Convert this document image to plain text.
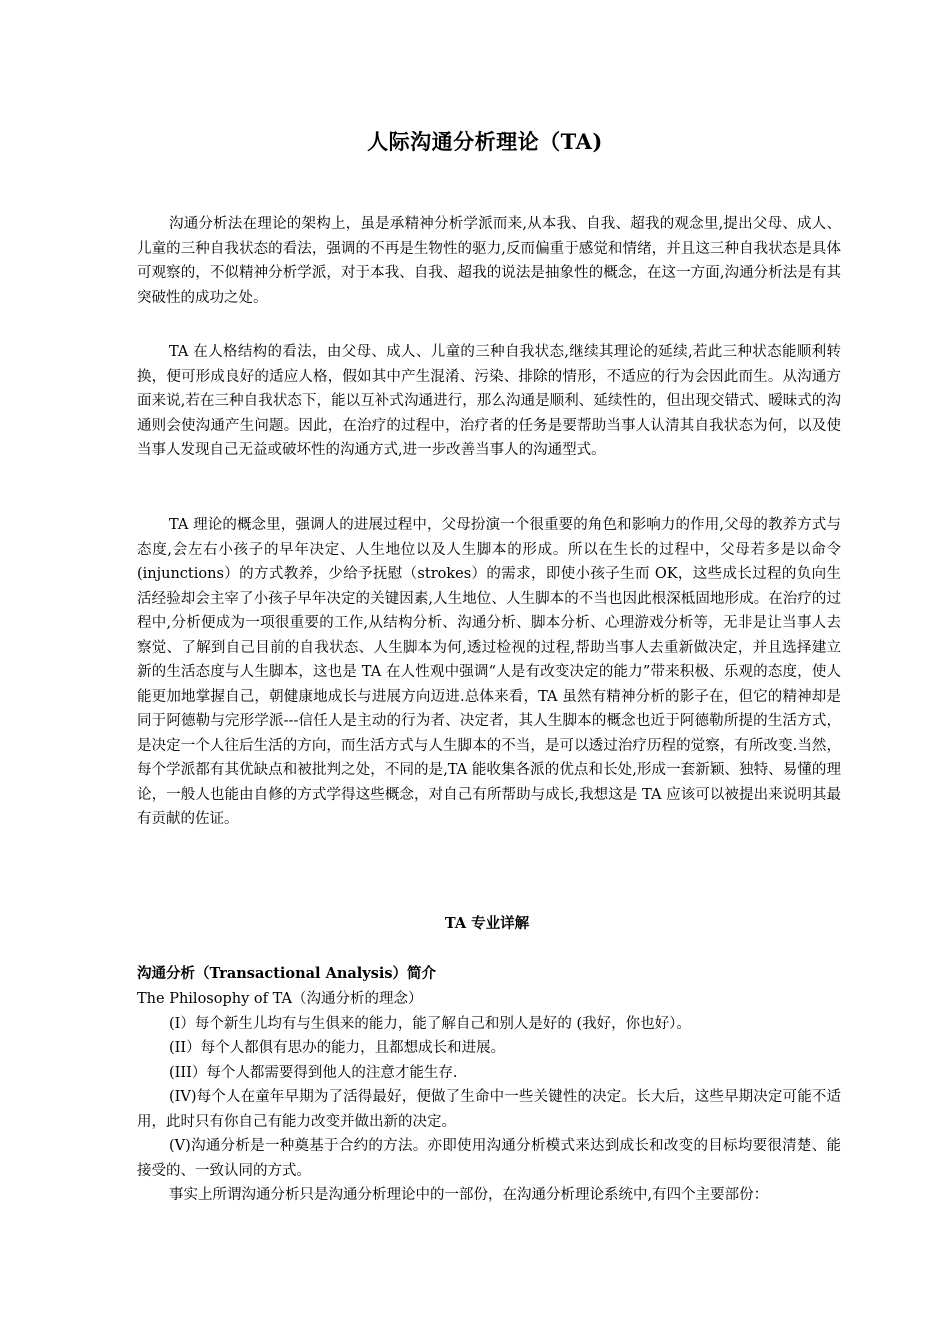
人际沟通分析理论（TA)

沟通分析法在理论的架构上，虽是承精神分析学派而来,从本我、自我、超我的观念里,提出父母、成人、儿童的三种自我状态的看法，强调的不再是生物性的驱力,反而偏重于感觉和情绪，并且这三种自我状态是具体可观察的，不似精神分析学派，对于本我、自我、超我的说法是抽象性的概念，在这一方面,沟通分析法是有其突破性的成功之处。

TA 在人格结构的看法，由父母、成人、儿童的三种自我状态,继续其理论的延续,若此三种状态能顺利转换，便可形成良好的适应人格，假如其中产生混淆、污染、排除的情形，不适应的行为会因此而生。从沟通方面来说,若在三种自我状态下，能以互补式沟通进行，那么沟通是顺利、延续性的，但出现交错式、暧昧式的沟通则会使沟通产生问题。因此，在治疗的过程中，治疗者的任务是要帮助当事人认清其自我状态为何，以及使当事人发现自己无益或破坏性的沟通方式,进一步改善当事人的沟通型式。

TA 理论的概念里，强调人的进展过程中，父母扮演一个很重要的角色和影响力的作用,父母的教养方式与态度,会左右小孩子的早年决定、人生地位以及人生脚本的形成。所以在生长的过程中，父母若多是以命令(injunctions）的方式教养，少给予抚慰（strokes）的需求，即使小孩子生而 OK，这些成长过程的负向生活经验却会主宰了小孩子早年决定的关键因素,人生地位、人生脚本的不当也因此根深柢固地形成。在治疗的过程中,分析便成为一项很重要的工作,从结构分析、沟通分析、脚本分析、心理游戏分析等，无非是让当事人去察觉、了解到自己目前的自我状态、人生脚本为何,透过检视的过程,帮助当事人去重新做决定，并且选择建立新的生活态度与人生脚本，这也是 TA 在人性观中强调“人是有改变决定的能力”带来积极、乐观的态度，使人能更加地掌握自己，朝健康地成长与进展方向迈进.总体来看，TA 虽然有精神分析的影子在，但它的精神却是同于阿德勒与完形学派---信任人是主动的行为者、决定者，其人生脚本的概念也近于阿德勒所提的生活方式，是决定一个人往后生活的方向，而生活方式与人生脚本的不当，是可以透过治疗历程的觉察，有所改变.当然，每个学派都有其优缺点和被批判之处，不同的是,TA 能收集各派的优点和长处,形成一套新颖、独特、易懂的理论，一般人也能由自修的方式学得这些概念，对自己有所帮助与成长,我想这是 TA 应该可以被提出来说明其最有贡献的佐证。

TA 专业详解

沟通分析（Transactional Analysis）简介

The Philosophy of TA（沟通分析的理念）

(I）每个新生儿均有与生俱来的能力，能了解自己和别人是好的 (我好，你也好）。

(II）每个人都俱有思办的能力，且都想成长和进展。

(III）每个人都需要得到他人的注意才能生存.

(IV)每个人在童年早期为了活得最好，便做了生命中一些关键性的决定。长大后，这些早期决定可能不适用，此时只有你自己有能力改变并做出新的决定。

(V)沟通分析是一种奠基于合约的方法。亦即使用沟通分析模式来达到成长和改变的目标均要很清楚、能接受的、一致认同的方式。

事实上所谓沟通分析只是沟通分析理论中的一部份，在沟通分析理论系统中,有四个主要部份：
